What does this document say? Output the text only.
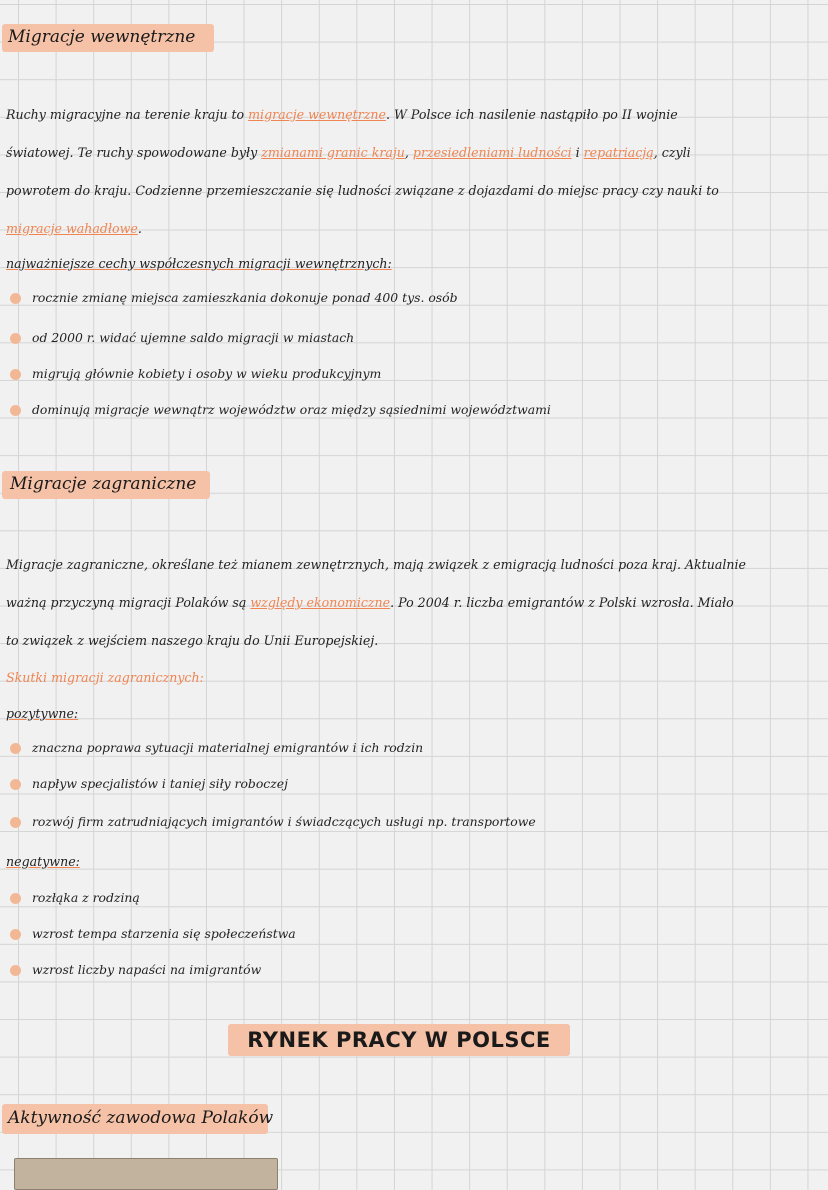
Migracje wewnętrzne
Ruchy migracyjne na terenie kraju to migracje wewnętrzne. W Polsce ich nasilenie nastąpiło po II wojnie
światowej. Te ruchy spowodowane były zmianami granic kraju, przesiedleniami ludności i repatriacją, czyli
powrotem do kraju. Codzienne przemieszczanie się ludności związane z dojazdami do miejsc pracy czy nauki to
migracje wahadłowe.
najważniejsze cechy współczesnych migracji wewnętrznych:
rocznie zmianę miejsca zamieszkania dokonuje ponad 400 tys. osób
od 2000 r. widać ujemne saldo migracji w miastach
migrują głównie kobiety i osoby w wieku produkcyjnym
dominują migracje wewnątrz województw oraz między sąsiednimi województwami
Migracje zagraniczne
Migracje zagraniczne, określane też mianem zewnętrznych, mają związek z emigracją ludności poza kraj. Aktualnie
ważną przyczyną migracji Polaków są względy ekonomiczne. Po 2004 r. liczba emigrantów z Polski wzrosła. Miało
to związek z wejściem naszego kraju do Unii Europejskiej.
Skutki migracji zagranicznych:
pozytywne:
znaczna poprawa sytuacji materialnej emigrantów i ich rodzin
napływ specjalistów i taniej siły roboczej
rozwój firm zatrudniających imigrantów i świadczących usługi np. transportowe
negatywne:
rozłąka z rodziną
wzrost tempa starzenia się społeczeństwa
wzrost liczby napaści na imigrantów
RYNEK PRACY W POLSCE
Aktywność zawodowa Polaków
